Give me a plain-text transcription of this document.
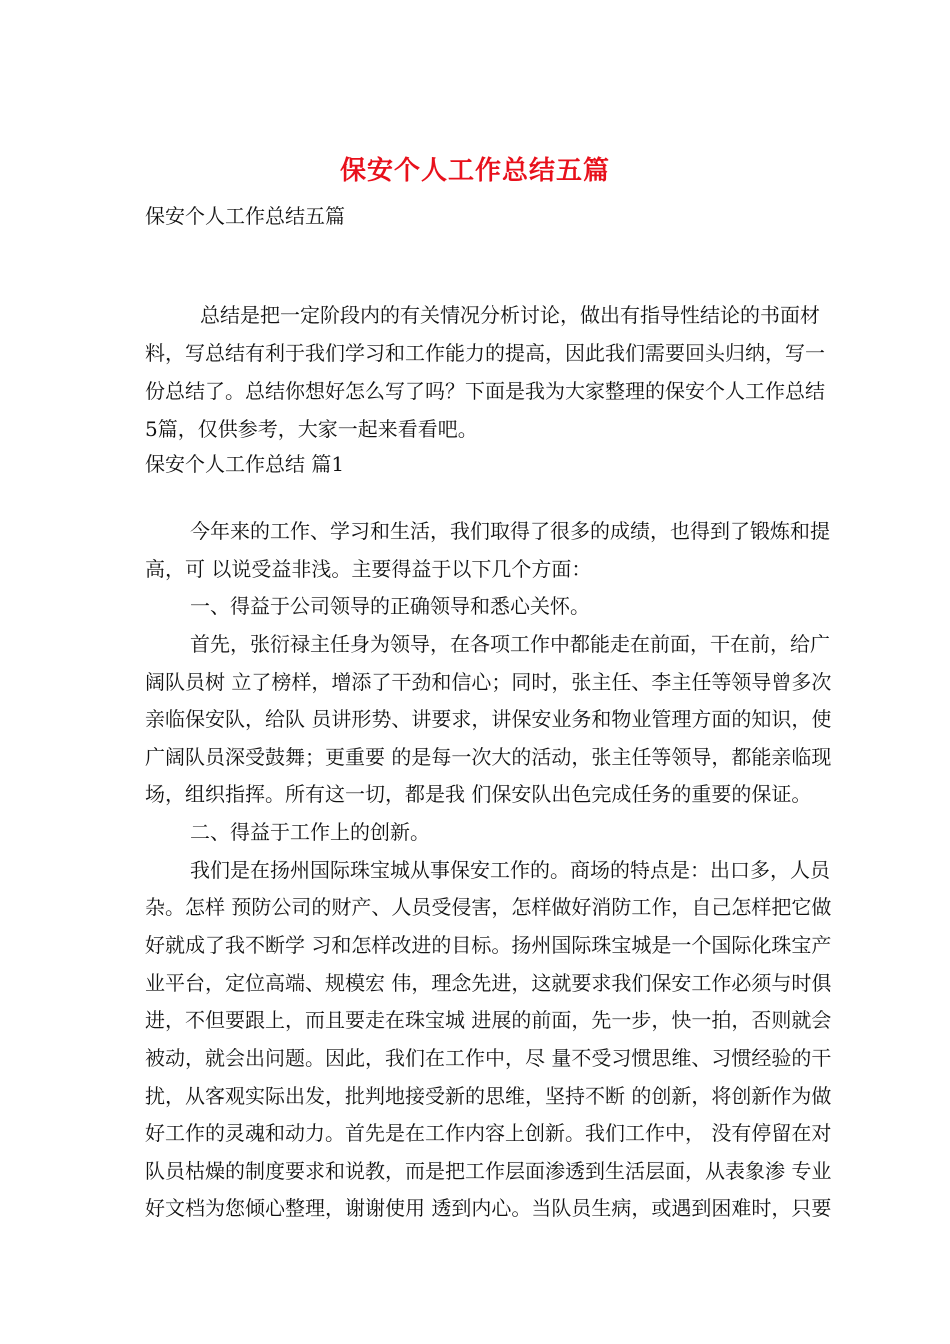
保安个人工作总结五篇

保安个人工作总结五篇

总结是把一定阶段内的有关情况分析讨论，做出有指导性结论的书面材

料，写总结有利于我们学习和工作能力的提高，因此我们需要回头归纳，写一

份总结了。总结你想好怎么写了吗？下面是我为大家整理的保安个人工作总结

5篇，仅供参考，大家一起来看看吧。

保安个人工作总结 篇1

今年来的工作、学习和生活，我们取得了很多的成绩，也得到了锻炼和提

高，可 以说受益非浅。主要得益于以下几个方面：

一、得益于公司领导的正确领导和悉心关怀。

首先，张衍禄主任身为领导，在各项工作中都能走在前面，干在前，给广

阔队员树 立了榜样，增添了干劲和信心；同时，张主任、李主任等领导曾多次

亲临保安队，给队 员讲形势、讲要求，讲保安业务和物业管理方面的知识，使

广阔队员深受鼓舞；更重要 的是每一次大的活动，张主任等领导，都能亲临现

场，组织指挥。所有这一切，都是我 们保安队出色完成任务的重要的保证。

二、得益于工作上的创新。

我们是在扬州国际珠宝城从事保安工作的。商场的特点是：出口多，人员

杂。怎样 预防公司的财产、人员受侵害，怎样做好消防工作，自己怎样把它做

好就成了我不断学 习和怎样改进的目标。扬州国际珠宝城是一个国际化珠宝产

业平台，定位高端、规模宏 伟，理念先进，这就要求我们保安工作必须与时俱

进，不但要跟上，而且要走在珠宝城 进展的前面，先一步，快一拍，否则就会

被动，就会出问题。因此，我们在工作中，尽 量不受习惯思维、习惯经验的干

扰，从客观实际出发，批判地接受新的思维，坚持不断 的创新，将创新作为做

好工作的灵魂和动力。首先是在工作内容上创新。我们工作中， 没有停留在对

队员枯燥的制度要求和说教，而是把工作层面渗透到生活层面，从表象渗 专业

好文档为您倾心整理，谢谢使用 透到内心。当队员生病，或遇到困难时，只要
